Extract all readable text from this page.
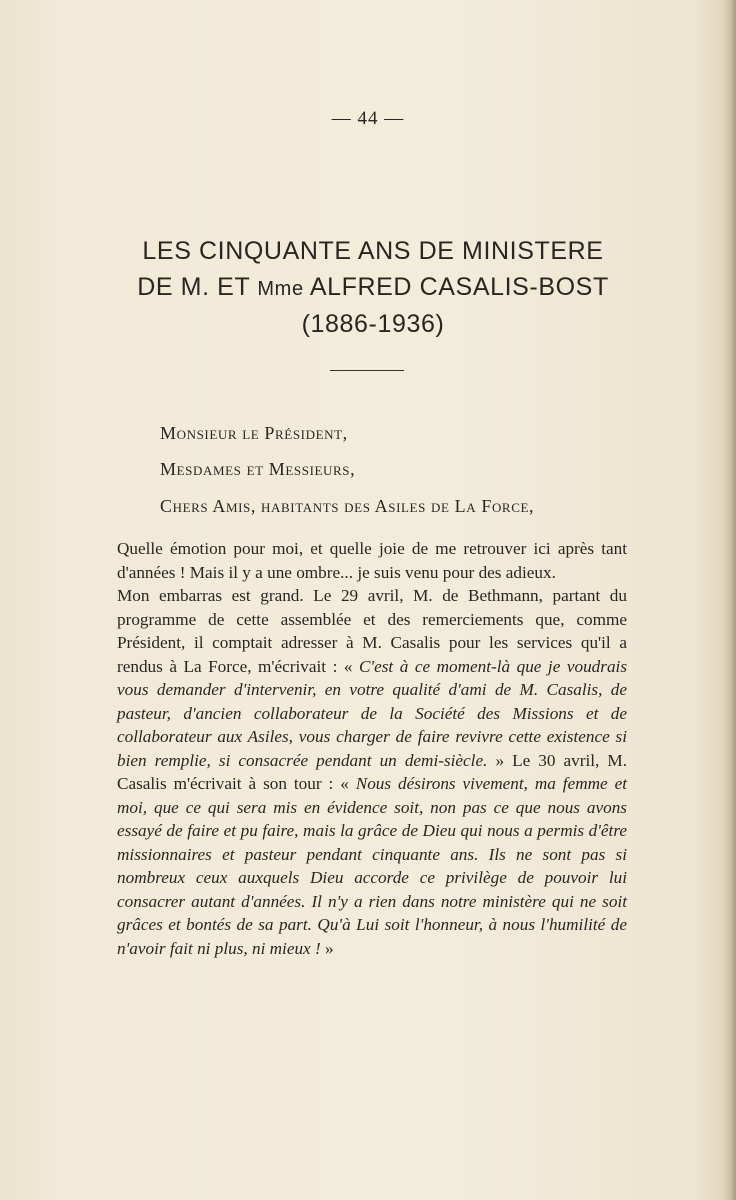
— 44 —
LES CINQUANTE ANS DE MINISTERE
DE M. ET Mme ALFRED CASALIS-BOST
(1886-1936)
Monsieur le Président,
Mesdames et Messieurs,
Chers Amis, habitants des Asiles de La Force,

Quelle émotion pour moi, et quelle joie de me retrouver ici après tant d'années ! Mais il y a une ombre... je suis venu pour des adieux.

Mon embarras est grand. Le 29 avril, M. de Bethmann, partant du programme de cette assemblée et des remerciements que, comme Président, il comptait adresser à M. Casalis pour les services qu'il a rendus à La Force, m'écrivait : « C'est à ce moment-là que je voudrais vous demander d'intervenir, en votre qualité d'ami de M. Casalis, de pasteur, d'ancien collaborateur de la Société des Missions et de collaborateur aux Asiles, vous charger de faire revivre cette existence si bien remplie, si consacrée pendant un demi-siècle. » Le 30 avril, M. Casalis m'écrivait à son tour : « Nous désirons vivement, ma femme et moi, que ce qui sera mis en évidence soit, non pas ce que nous avons essayé de faire et pu faire, mais la grâce de Dieu qui nous a permis d'être missionnaires et pasteur pendant cinquante ans. Ils ne sont pas si nombreux ceux auxquels Dieu accorde ce privilège de pouvoir lui consacrer autant d'années. Il n'y a rien dans notre ministère qui ne soit grâces et bontés de sa part. Qu'à Lui soit l'honneur, à nous l'humilité de n'avoir fait ni plus, ni mieux ! »
